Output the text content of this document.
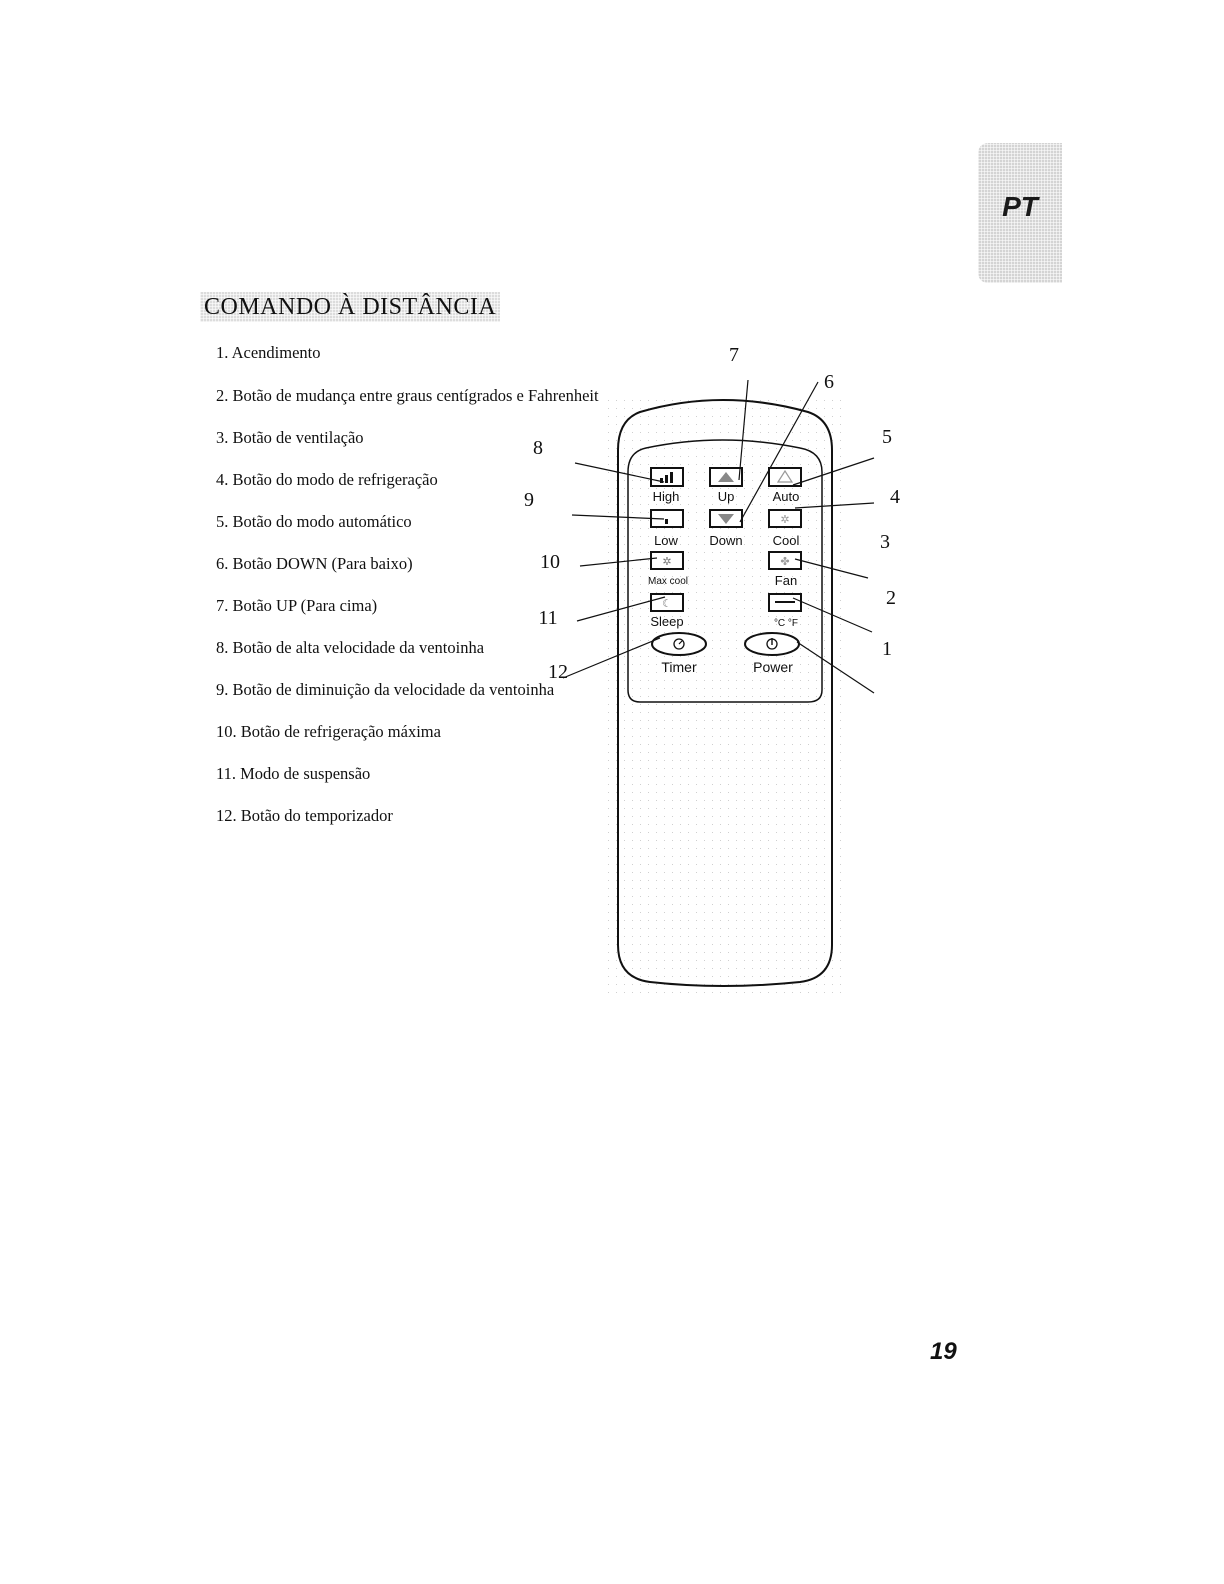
PT
COMANDO À DISTÂNCIA
1. Acendimento
2. Botão de mudança entre graus centígrados e Fahrenheit
3. Botão de ventilação
4. Botão do modo de refrigeração
5. Botão do modo automático
6. Botão DOWN (Para baixo)
7. Botão UP (Para cima)
8. Botão de alta velocidade da ventoinha
9. Botão de diminuição da velocidade da ventoinha
10. Botão de refrigeração máxima
11. Modo de suspensão
12. Botão do temporizador
High	Up	Auto
Low Down
✲
Cool
✲
Max cool
✤
Fan
☾
Sleep	°C °F
Timer	Power
1
2
3
4
5
6
7
8
9
10
11
12
19
